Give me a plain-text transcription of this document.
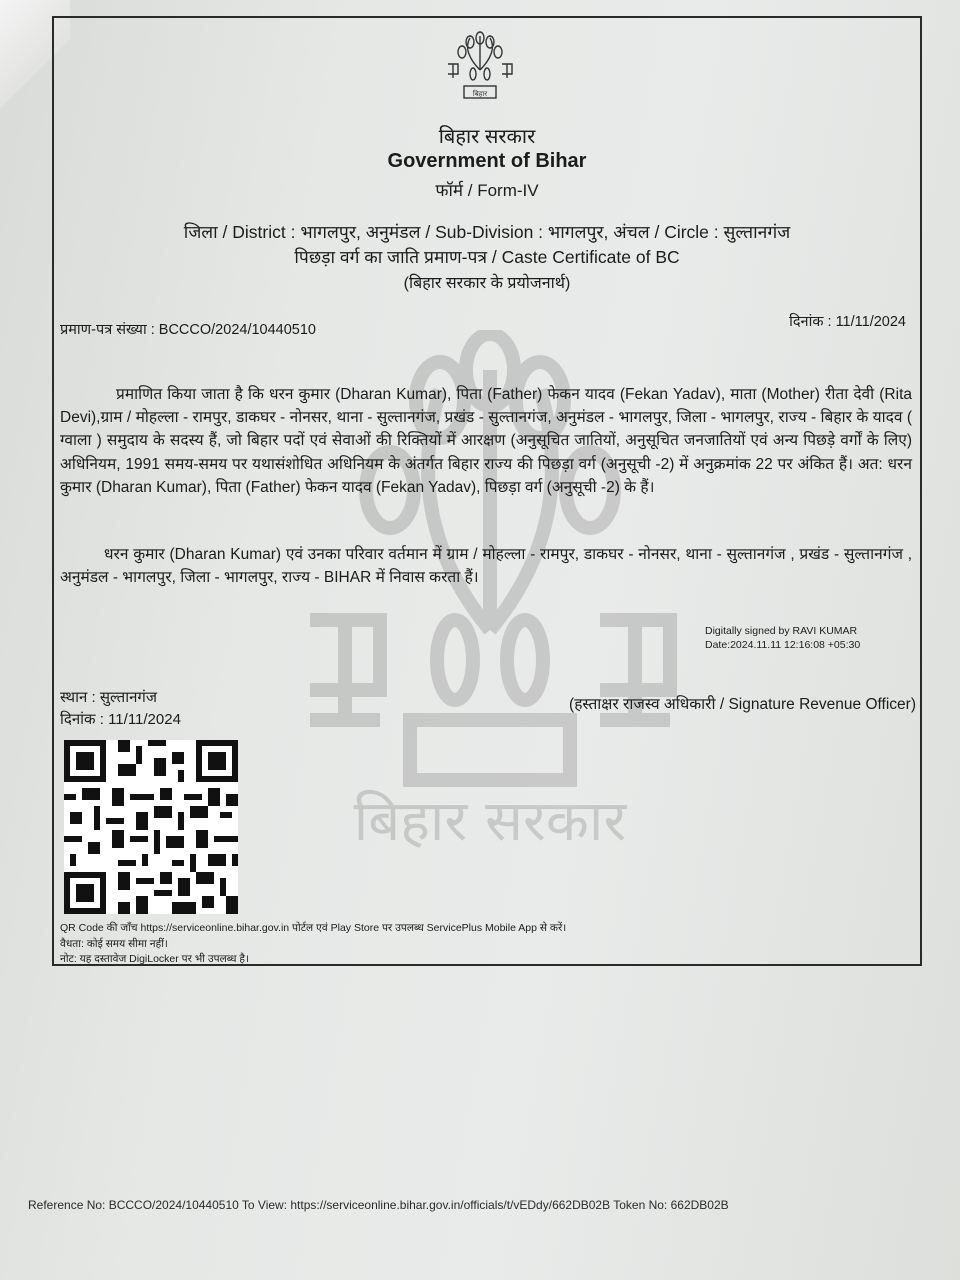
बिहार
बिहार सरकार
Government of Bihar
फॉर्म / Form-IV
जिला / District : भागलपुर, अनुमंडल / Sub-Division : भागलपुर, अंचल / Circle : सुल्तानगंज
पिछड़ा वर्ग का जाति प्रमाण-पत्र / Caste Certificate of BC
(बिहार सरकार के प्रयोजनार्थ)
प्रमाण-पत्र संख्या : BCCCO/2024/10440510	दिनांक : 11/11/2024
बिहार सरकार
प्रमाणित किया जाता है कि धरन कुमार (Dharan Kumar), पिता (Father) फेकन यादव (Fekan Yadav), माता (Mother) रीता देवी (Rita Devi),ग्राम / मोहल्ला - रामपुर, डाकघर - नोनसर, थाना - सुल्तानगंज, प्रखंड - सुल्तानगंज, अनुमंडल - भागलपुर, जिला - भागलपुर, राज्य - बिहार के यादव ( ग्वाला ) समुदाय के सदस्य हैं, जो बिहार पदों एवं सेवाओं की रिक्तियों में आरक्षण (अनुसूचित जातियों, अनुसूचित जनजातियों एवं अन्य पिछड़े वर्गों के लिए) अधिनियम, 1991 समय-समय पर यथासंशोधित अधिनियम के अंतर्गत बिहार राज्य की पिछड़ा वर्ग (अनुसूची -2) में अनुक्रमांक 22 पर अंकित हैं। अत: धरन कुमार (Dharan Kumar), पिता (Father) फेकन यादव (Fekan Yadav), पिछड़ा वर्ग (अनुसूची -2) के हैं।
धरन कुमार (Dharan Kumar) एवं उनका परिवार वर्तमान में ग्राम / मोहल्ला - रामपुर, डाकघर - नोनसर, थाना - सुल्तानगंज , प्रखंड - सुल्तानगंज , अनुमंडल - भागलपुर, जिला - भागलपुर, राज्य - BIHAR में निवास करता हैं।
Digitally signed by RAVI KUMAR
Date:2024.11.11 12:16:08 +05:30
स्थान : सुल्तानगंज
दिनांक : 11/11/2024
(हस्ताक्षर राजस्व अधिकारी / Signature Revenue Officer)
QR Code की जाँच https://serviceonline.bihar.gov.in पोर्टल एवं Play Store पर उपलब्ध ServicePlus Mobile App से करें।
वैधता: कोई समय सीमा नहीं।
नोट: यह दस्तावेज DigiLocker पर भी उपलब्ध है।
Reference No: BCCCO/2024/10440510 To View: https://serviceonline.bihar.gov.in/officials/t/vEDdy/662DB02B Token No: 662DB02B
